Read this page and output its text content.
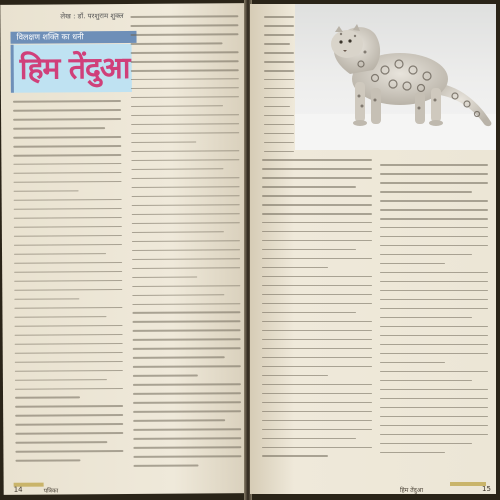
लेख : डॉ. परशुराम शुक्ल
विलक्षण शक्ति का धनी
हिम तेंदुआ
14	पत्रिका	हिम तेंदुआ	15
